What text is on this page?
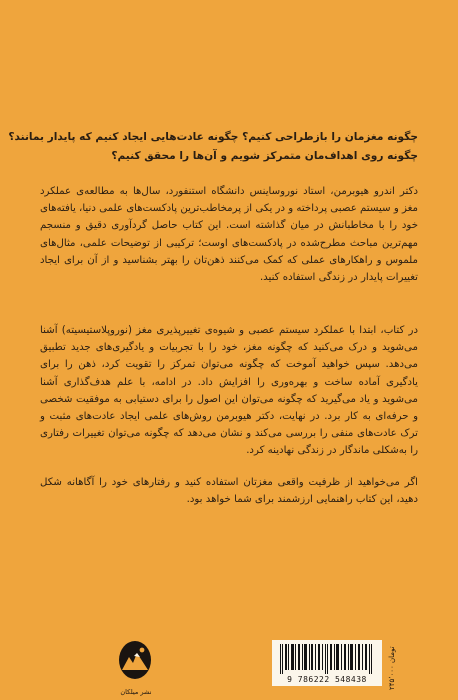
چگونه مغزمان را بازطراحی کنیم؟ چگونه عادت‌هایی ایجاد کنیم که پایدار بمانند؟
چگونه روی اهداف‌مان متمرکز شویم و آن‌ها را محقق کنیم؟

دکتر اندرو هیوبرمن، استاد نوروساینس دانشگاه استنفورد، سال‌ها به مطالعه‌ی عملکرد مغز و سیستم عصبی پرداخته و در یکی از پرمخاطب‌ترین پادکست‌های علمی دنیا، یافته‌های خود را با مخاطبانش در میان گذاشته است. این کتاب حاصل گردآوری دقیق و منسجم مهم‌ترین مباحث مطرح‌شده در پادکست‌های اوست؛ ترکیبی از توضیحات علمی، مثال‌های ملموس و راهکارهای عملی که کمک می‌کنند ذهن‌تان را بهتر بشناسید و از آن برای ایجاد تغییرات پایدار در زندگی استفاده کنید.

در کتاب، ابتدا با عملکرد سیستم عصبی و شیوه‌ی تغییرپذیری مغز (نوروپلاستیسیته) آشنا می‌شوید و درک می‌کنید که چگونه مغز، خود را با تجربیات و یادگیری‌های جدید تطبیق می‌دهد. سپس خواهید آموخت که چگونه می‌توان تمرکز را تقویت کرد، ذهن را برای یادگیری آماده ساخت و بهره‌وری را افزایش داد. در ادامه، با علم هدف‌گذاری آشنا می‌شوید و یاد می‌گیرید که چگونه می‌توان این اصول را برای دستیابی به موفقیت شخصی و حرفه‌ای به کار برد. در نهایت، دکتر هیوبرمن روش‌های علمی ایجاد عادت‌های مثبت و ترک عادت‌های منفی را بررسی می‌کند و نشان می‌دهد که چگونه می‌توان تغییرات رفتاری را به‌شکلی ماندگار در زندگی نهادینه کرد.

اگر می‌خواهید از ظرفیت واقعی مغزتان استفاده کنید و رفتارهای خود را آگاهانه شکل دهید، این کتاب راهنمایی ارزشمند برای شما خواهد بود.

نشر میلکان
9 786222 548438	۲۴۵٬۰۰۰ تومان
